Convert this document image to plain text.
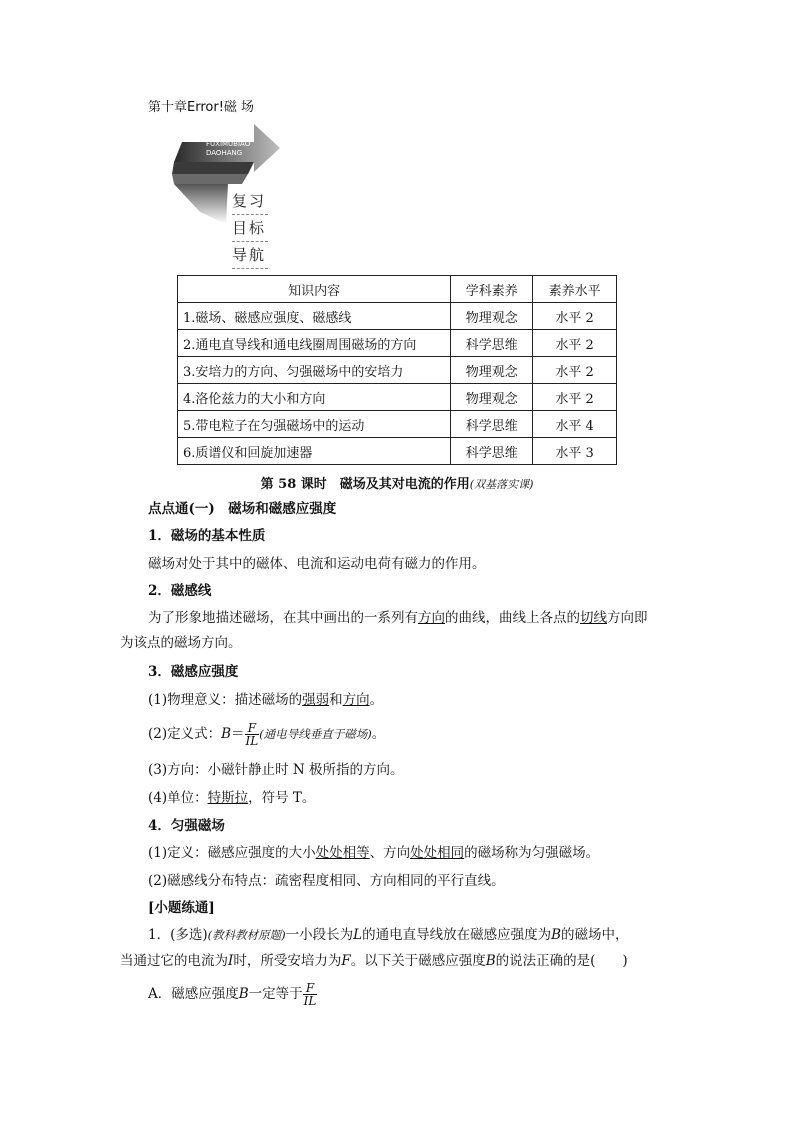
第十章Error!磁 场
FUXIMUBIAO
DAOHANG
复习
目标
导航
知识内容	学科素养	素养水平
1.磁场、磁感应强度、磁感线	物理观念	水平 2
2.通电直导线和通电线圈周围磁场的方向	科学思维	水平 2
3.安培力的方向、匀强磁场中的安培力	物理观念	水平 2
4.洛伦兹力的大小和方向	物理观念	水平 2
5.带电粒子在匀强磁场中的运动	科学思维	水平 4
6.质谱仪和回旋加速器	科学思维	水平 3
第 58 课时　磁场及其对电流的作用(双基落实课)
点点通(一)　磁场和磁感应强度
1．磁场的基本性质
磁场对处于其中的磁体、电流和运动电荷有磁力的作用。
2．磁感线
为了形象地描述磁场，在其中画出的一系列有方向的曲线，曲线上各点的切线方向即
为该点的磁场方向。
3．磁感应强度
(1)物理意义：描述磁场的强弱和方向。
(2)定义式：$B= \frac{F}{IL}$ (通电导线垂直于磁场)。
(3)方向：小磁针静止时 N 极所指的方向。
(4)单位：特斯拉，符号 T。
4．匀强磁场
(1)定义：磁感应强度的大小处处相等、方向处处相同的磁场称为匀强磁场。
(2)磁感线分布特点：疏密程度相同、方向相同的平行直线。
[小题练通]
1．(多选)(教科教材原题)一小段长为L的通电直导线放在磁感应强度为B的磁场中，
当通过它的电流为I时，所受安培力为F。以下关于磁感应强度B的说法正确的是(　　)
A．磁感应强度B一定等于 $\frac{F}{IL}$
